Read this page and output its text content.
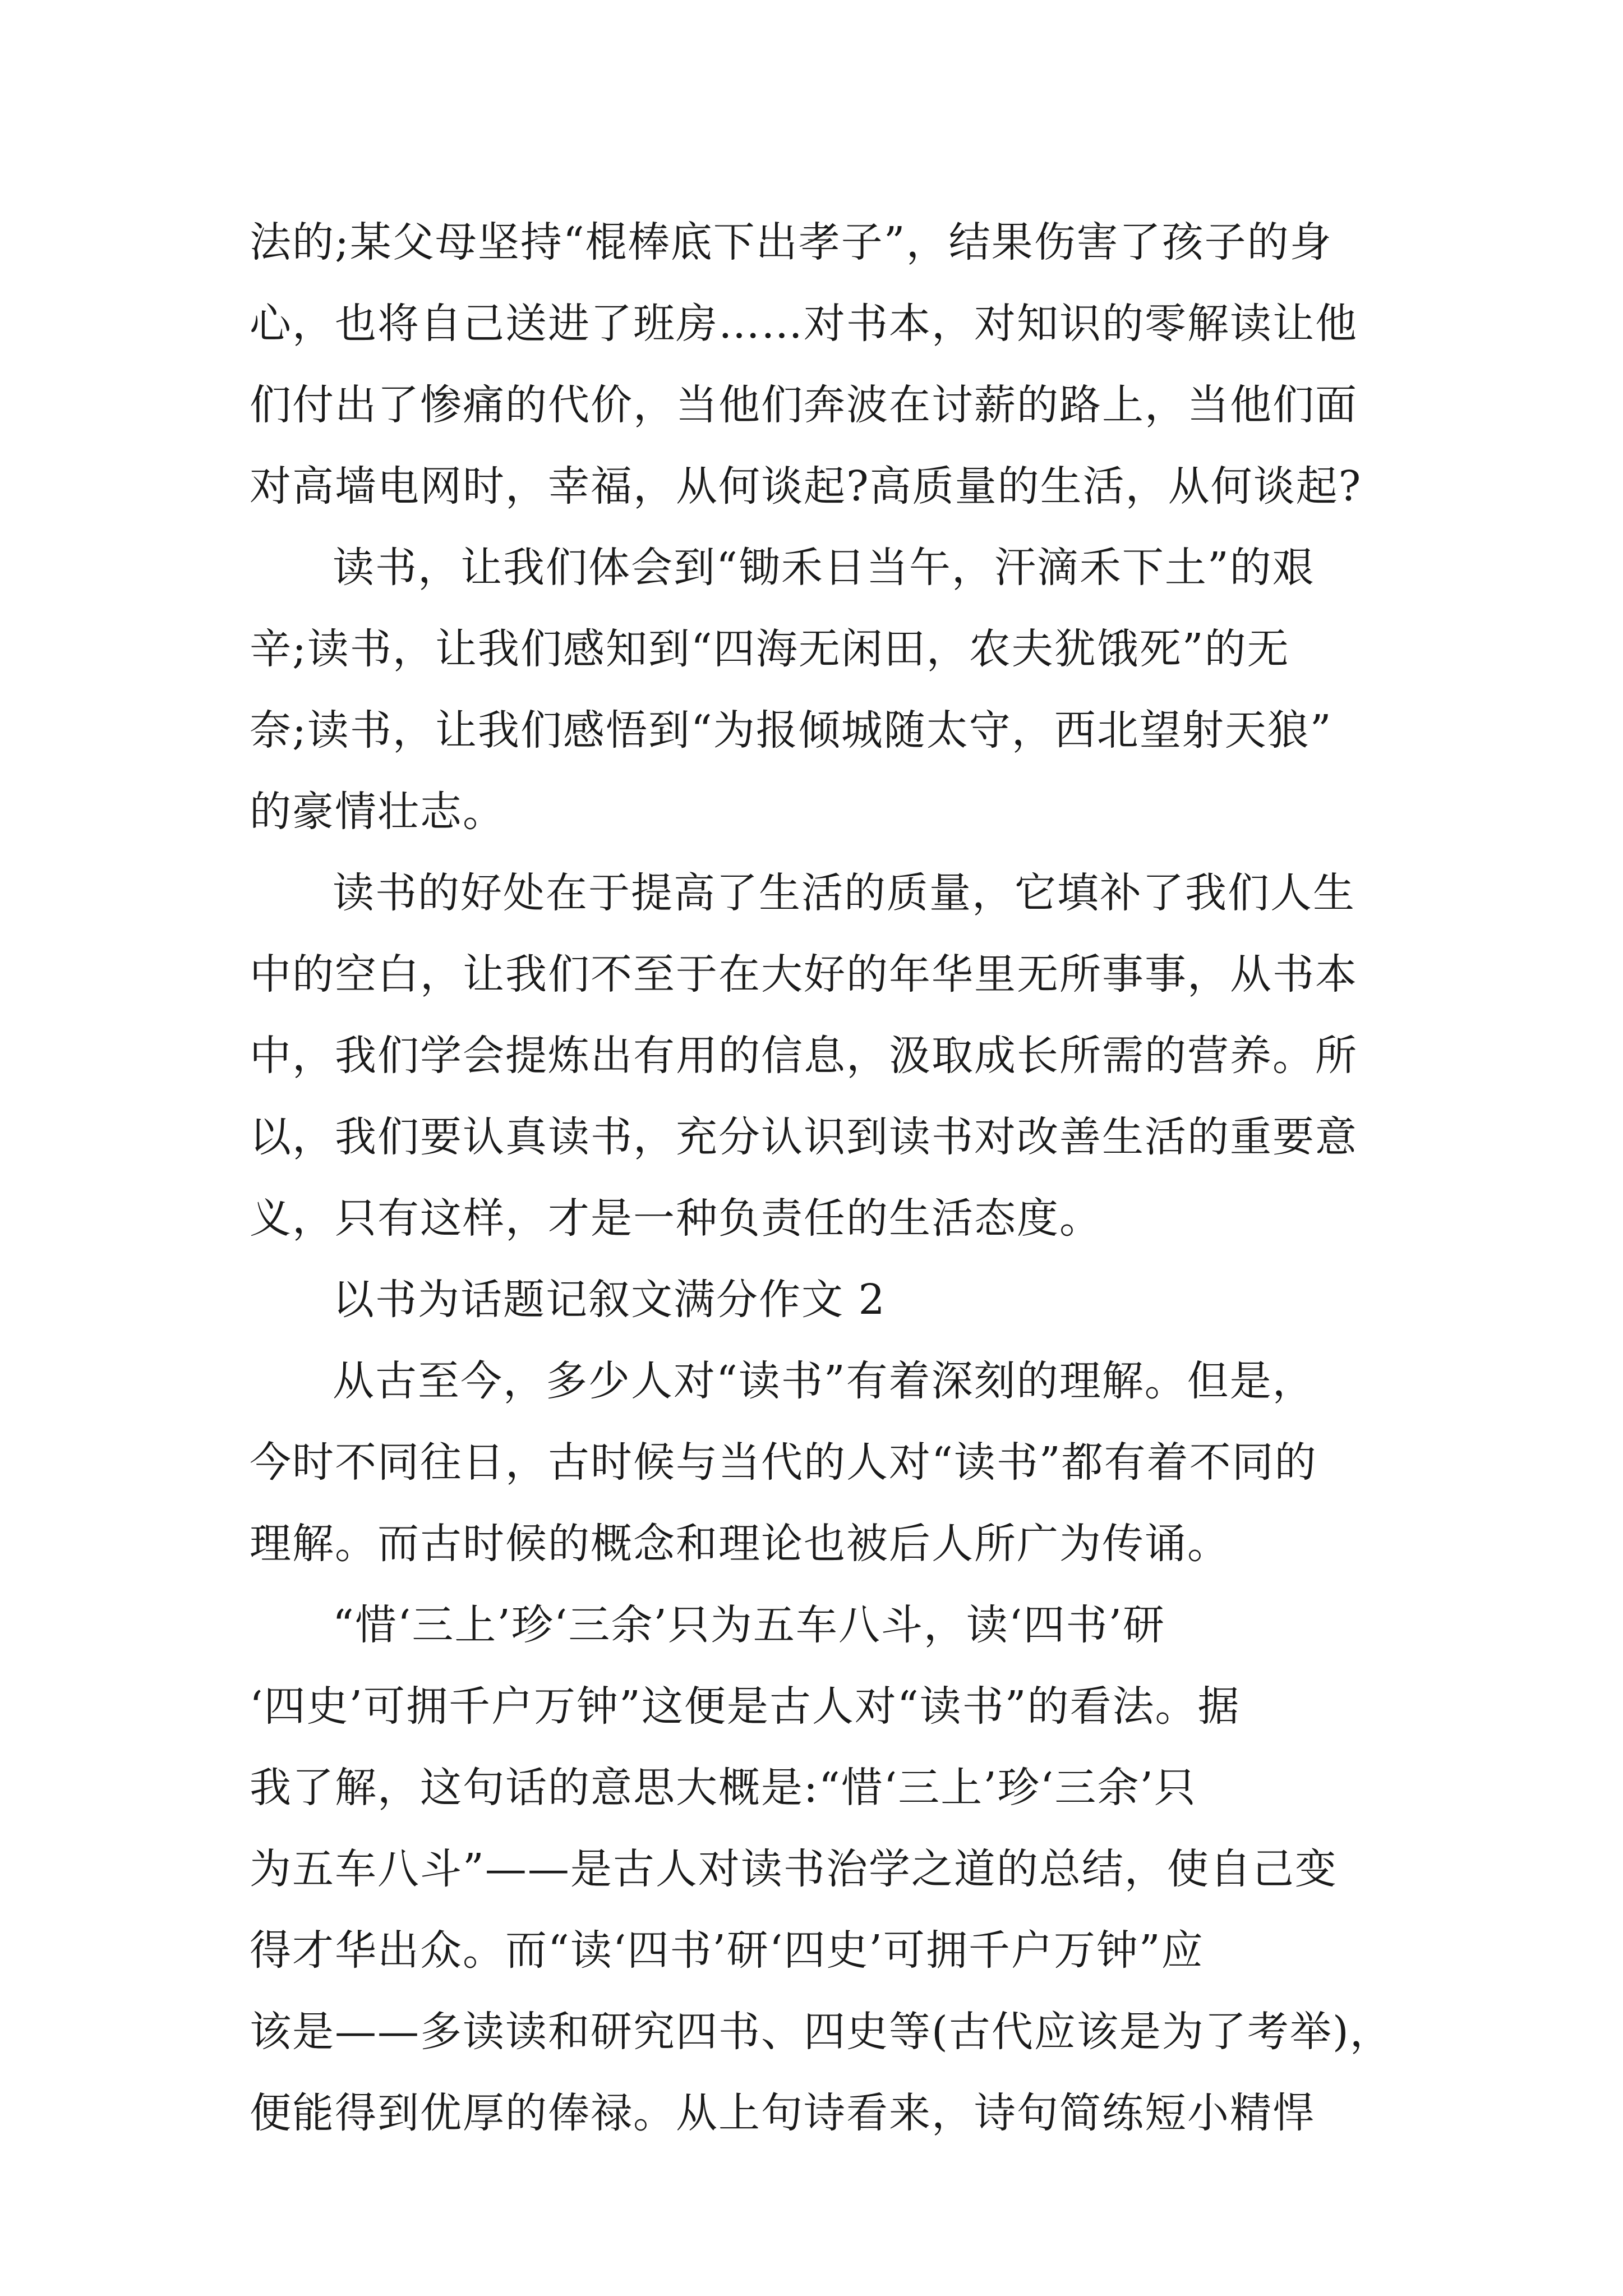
法的;某父母坚持“棍棒底下出孝子”，结果伤害了孩子的身
心，也将自己送进了班房……对书本，对知识的零解读让他
们付出了惨痛的代价，当他们奔波在讨薪的路上，当他们面
对高墙电网时，幸福，从何谈起?高质量的生活，从何谈起?
读书，让我们体会到“锄禾日当午，汗滴禾下土”的艰
辛;读书，让我们感知到“四海无闲田，农夫犹饿死”的无
奈;读书，让我们感悟到“为报倾城随太守，西北望射天狼”
的豪情壮志。
读书的好处在于提高了生活的质量，它填补了我们人生
中的空白，让我们不至于在大好的年华里无所事事，从书本
中，我们学会提炼出有用的信息，汲取成长所需的营养。所
以，我们要认真读书，充分认识到读书对改善生活的重要意
义，只有这样，才是一种负责任的生活态度。
以书为话题记叙文满分作文 2
从古至今，多少人对“读书”有着深刻的理解。但是，
今时不同往日，古时候与当代的人对“读书”都有着不同的
理解。而古时候的概念和理论也被后人所广为传诵。
“惜‘三上’珍‘三余’只为五车八斗，读‘四书’研
‘四史’可拥千户万钟”这便是古人对“读书”的看法。据
我了解，这句话的意思大概是:“惜‘三上’珍‘三余’只
为五车八斗”——是古人对读书治学之道的总结，使自己变
得才华出众。而“读‘四书’研‘四史’可拥千户万钟”应
该是——多读读和研究四书、四史等(古代应该是为了考举)，
便能得到优厚的俸禄。从上句诗看来，诗句简练短小精悍
